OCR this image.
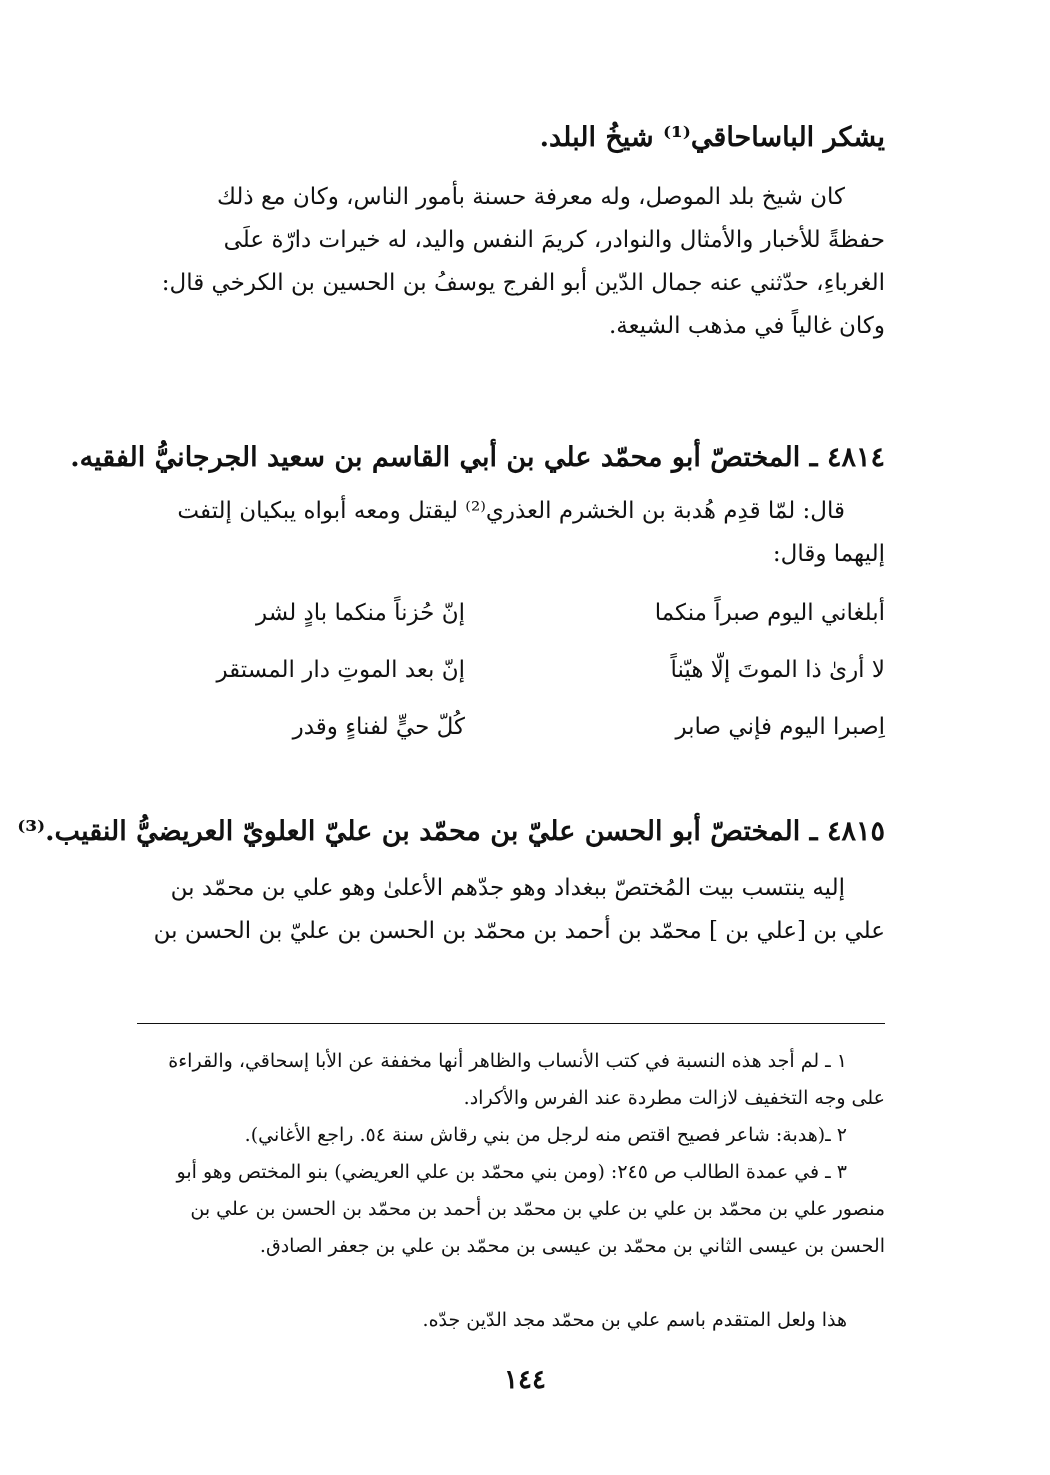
يشكر الباساحاقي⁽¹⁾ شيخُ البلد.
كان شيخ بلد الموصل، وله معرفة حسنة بأمور الناس، وكان مع ذلك
حفظةً للأخبار والأمثال والنوادر، كريمَ النفس واليد، له خيرات دارّة علَى
الغرباءِ، حدّثني عنه جمال الدّين أبو الفرج يوسفُ بن الحسين بن الكرخي قال:
وكان غالياً في مذهب الشيعة.
٤٨١٤ ـ المختصّ أبو محمّد علي بن أبي القاسم بن سعيد الجرجانيُّ الفقيه.
قال: لمّا قدِم هُدبة بن الخشرم العذري⁽²⁾ ليقتل ومعه أبواه يبكيان إلتفت
إليهما وقال:
أبلغاني اليوم صبراً منكما
إنّ حُزناً منكما بادٍ لشر
لا أرىٰ ذا الموتَ إلّا هيّناً
إنّ بعد الموتِ دار المستقر
اِصبرا اليوم فإني صابر
كُلّ حيٍّ لفناءٍ وقدر
٤٨١٥ ـ المختصّ أبو الحسن عليّ بن محمّد بن عليّ العلويّ العريضيُّ النقيب.⁽³⁾
إليه ينتسب بيت المُختصّ ببغداد وهو جدّهم الأعلىٰ وهو علي بن محمّد بن
علي بن [علي بن ] محمّد بن أحمد بن محمّد بن الحسن بن عليّ بن الحسن بن
١ ـ لم أجد هذه النسبة في كتب الأنساب والظاهر أنها مخففة عن الأبا إسحاقي، والقراءة
على وجه التخفيف لازالت مطردة عند الفرس والأكراد.
٢ ـ(هدبة: شاعر فصيح اقتص منه لرجل من بني رقاش سنة ٥٤. راجع الأغاني).
٣ ـ في عمدة الطالب ص ٢٤٥: (ومن بني محمّد بن علي العريضي) بنو المختص وهو أبو
منصور علي بن محمّد بن علي بن علي بن محمّد بن أحمد بن محمّد بن الحسن بن علي بن
الحسن بن عيسى الثاني بن محمّد بن عيسى بن محمّد بن علي بن جعفر الصادق.
هذا ولعل المتقدم باسم علي بن محمّد مجد الدّين جدّه.
١٤٤
